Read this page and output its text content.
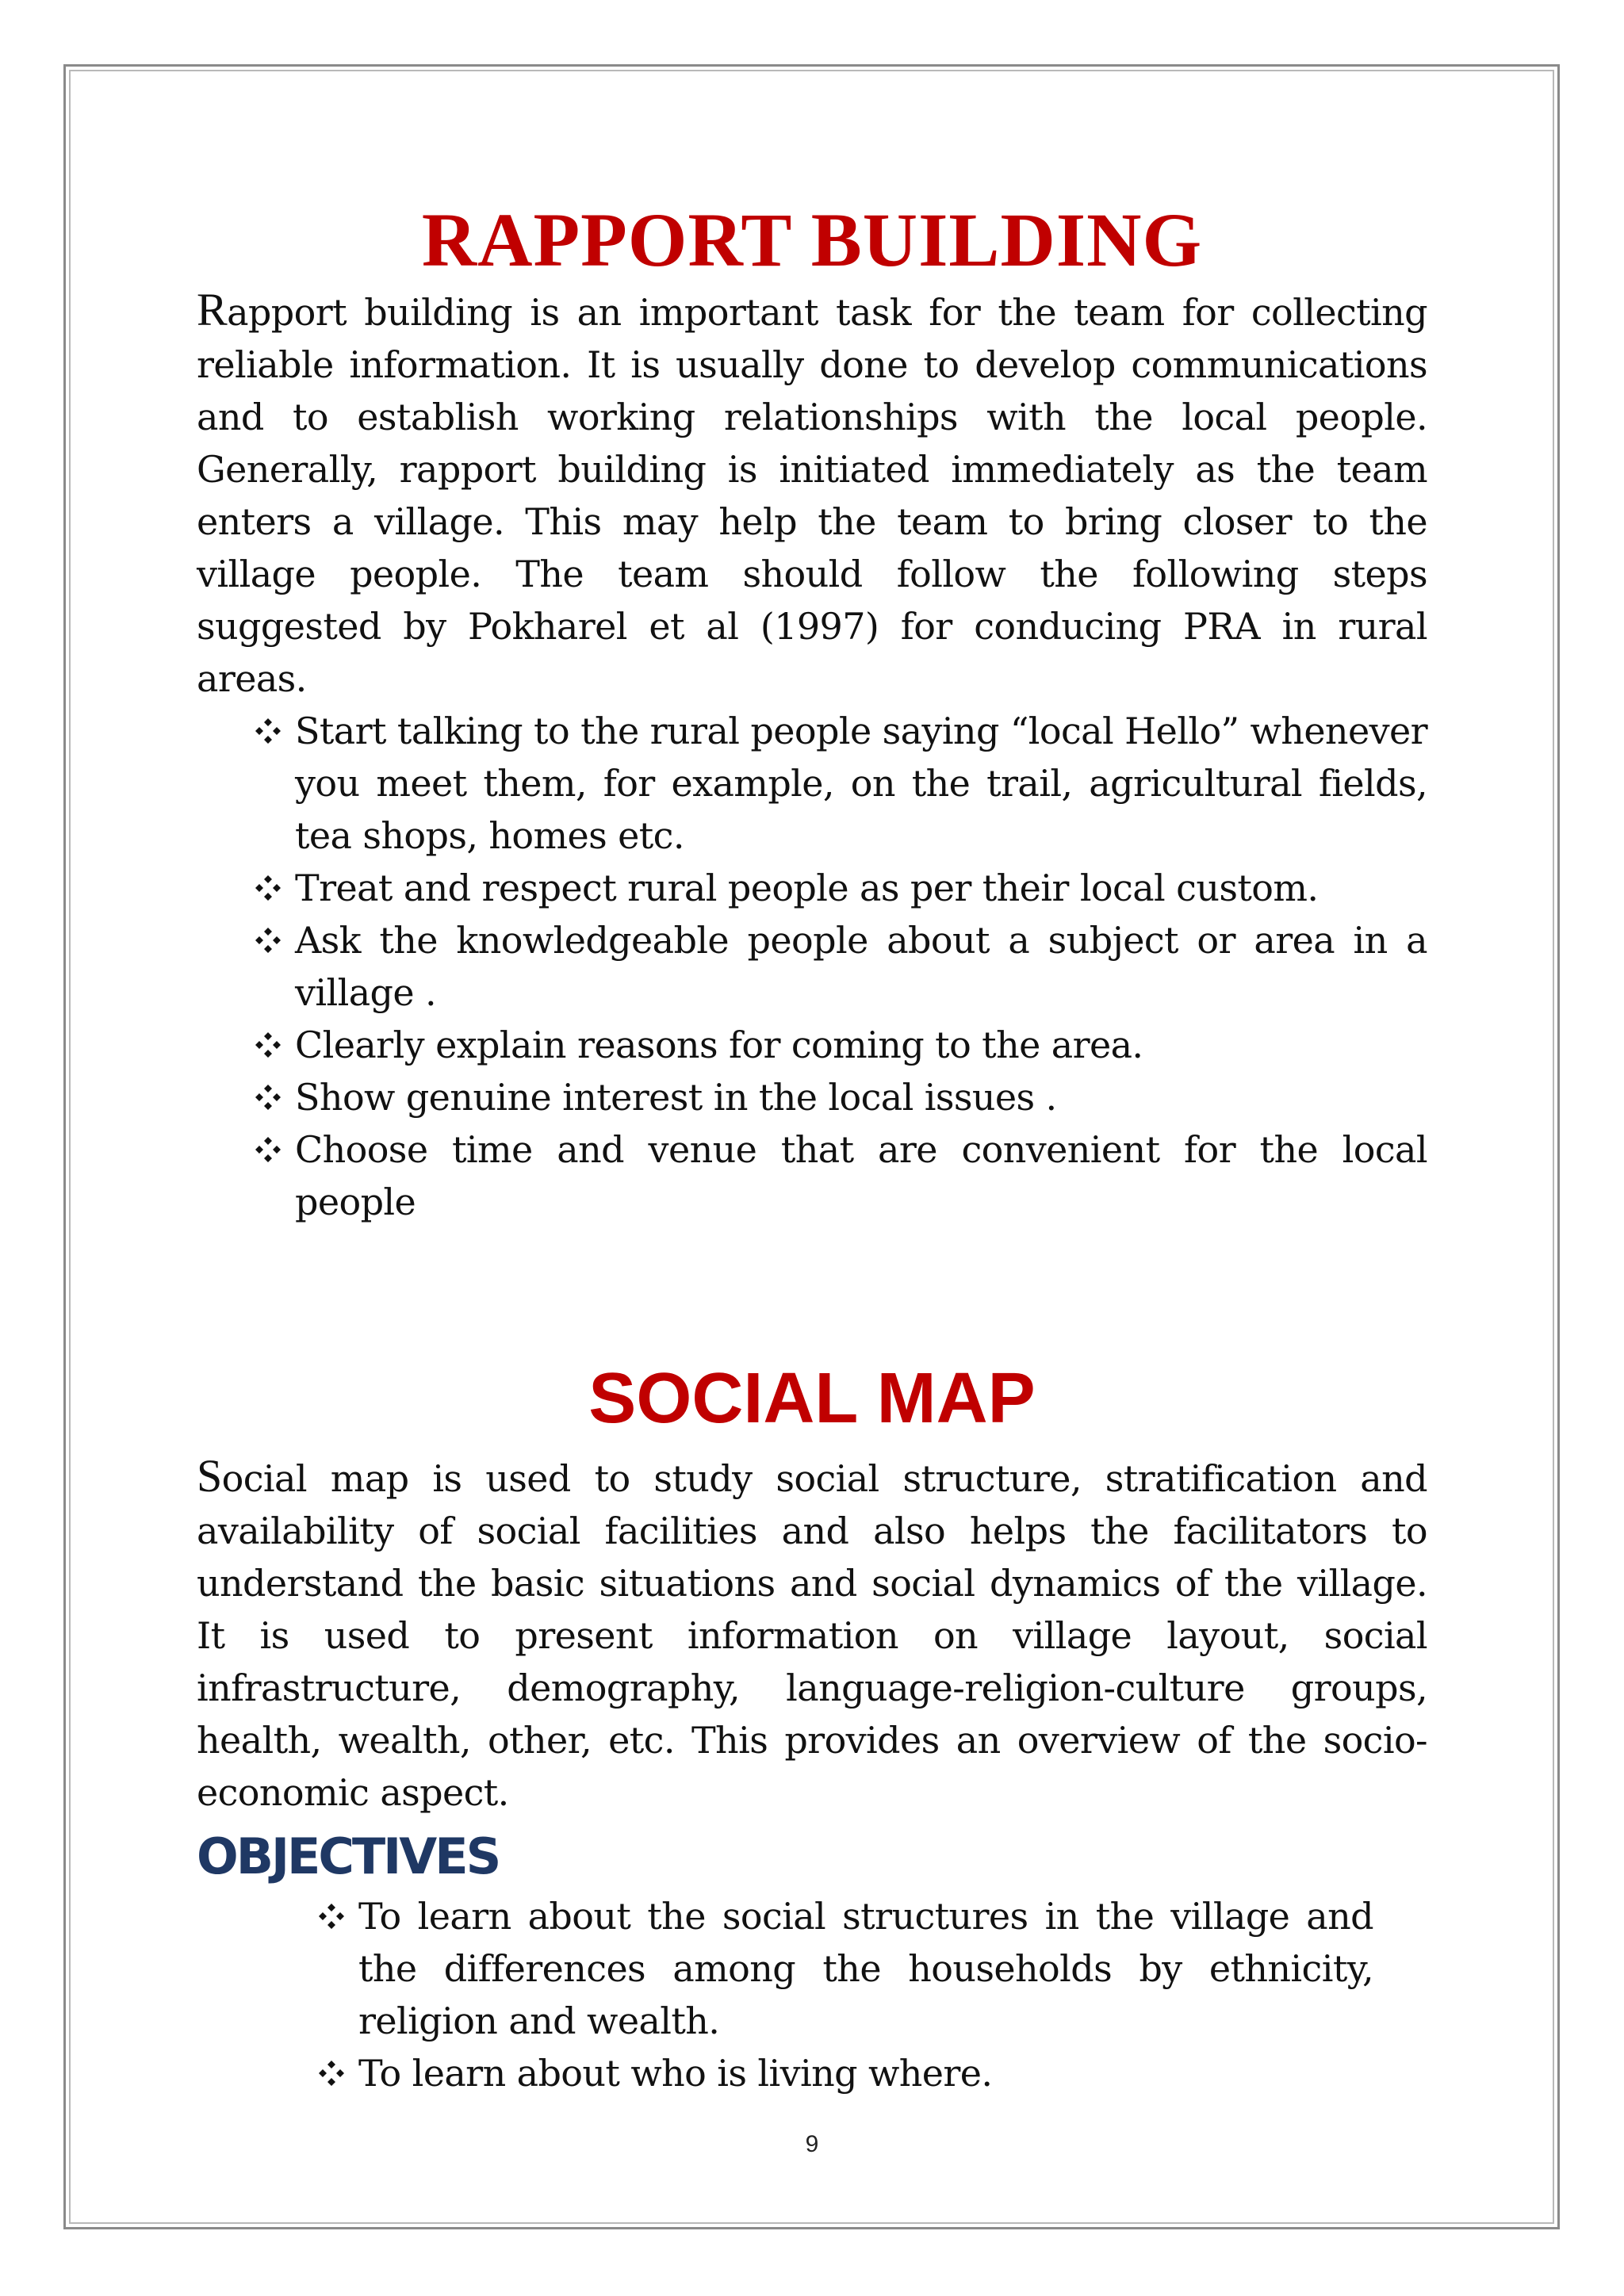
RAPPORT BUILDING

Rapport building is an important task for the team for collecting reliable information. It is usually done to develop communications and to establish working relationships with the local people. Generally, rapport building is initiated immediately as the team enters a village. This may help the team to bring closer to the village people. The team should follow the following steps suggested by Pokharel et al (1997) for conducing PRA in rural areas.

Start talking to the rural people saying “local Hello” whenever you meet them, for example, on the trail, agricultural fields, tea shops, homes etc.
Treat and respect rural people as per their local custom.
Ask the knowledgeable people about a subject or area in a village .
Clearly explain reasons for coming to the area.
Show genuine interest in the local issues .
Choose time and venue that are convenient for the local people
SOCIAL MAP

Social map is used to study social structure, stratification and availability of social facilities and also helps the facilitators to understand the basic situations and social dynamics of the village. It is used to present information on village layout, social infrastructure, demography, language-religion-culture groups, health, wealth, other, etc. This provides an overview of the socio-economic aspect.

OBJECTIVES
To learn about the social structures in the village and the differences among the households by ethnicity, religion and wealth.
To learn about who is living where.
9
